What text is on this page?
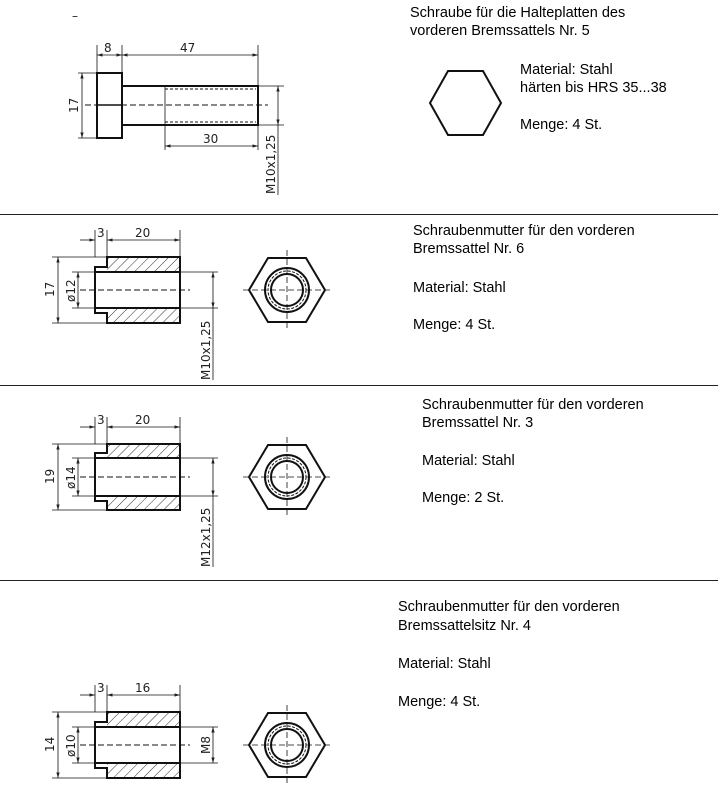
–
8	47
30
17
M10x1,25
3	20
17 ø12
M10x1,25
3	20
19 ø14
M12x1,25
3	16
14 ø10	M8
Schraube für die Halteplatten des
vorderen Bremssattels Nr. 5
Material: Stahl
härten bis HRS 35...38
Menge: 4 St.
Schraubenmutter für den vorderen
Bremssattel Nr. 6
Material: Stahl
Menge: 4 St.
Schraubenmutter für den vorderen
Bremssattel Nr. 3
Material: Stahl
Menge: 2 St.
Schraubenmutter für den vorderen
Bremssattelsitz Nr. 4
Material: Stahl
Menge: 4 St.
